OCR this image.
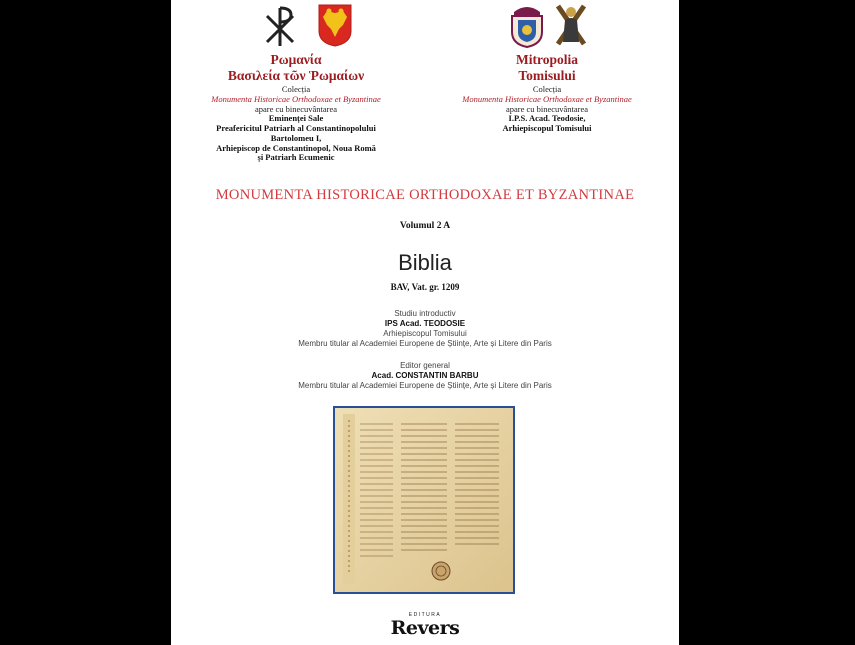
Ρωμανία
Βασιλεία τῶν Ῥωμαίων
Colecția
Monumenta Historicae Orthodoxae et Byzantinae
apare cu binecuvântarea
Eminenței Sale
Preafericitul Patriarh al Constantinopolului
Bartolomeu I,
Arhiepiscop de Constantinopol, Noua Romă
și Patriarh Ecumenic
Mitropolia
Tomisului
Colecția
Monumenta Historicae Orthodoxae et Byzantinae
apare cu binecuvântarea
I.P.S. Acad. Teodosie,
Arhiepiscopul Tomisului
MONUMENTA HISTORICAE ORTHODOXAE ET BYZANTINAE
Volumul 2 A
Biblia
BAV, Vat. gr. 1209
Studiu introductiv
IPS Acad. TEODOSIE
Arhiepiscopul Tomisului
Membru titular al Academiei Europene de Științe, Arte și Litere din Paris
Editor general
Acad. CONSTANTIN BARBU
Membru titular al Academiei Europene de Științe, Arte și Litere din Paris
EDITURA
Revers
